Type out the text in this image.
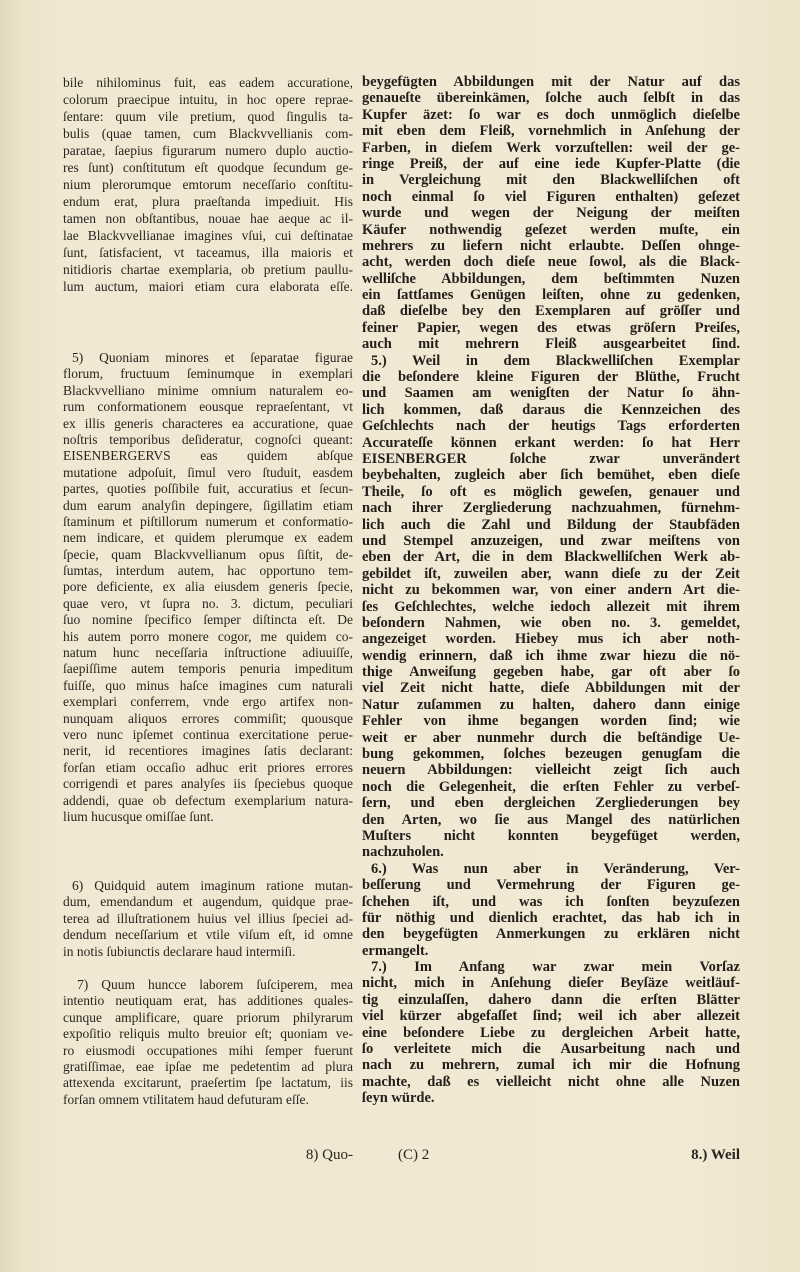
bile nihilominus fuit, eas eadem accuratione,
colorum praecipue intuitu, in hoc opere reprae-
ſentare: quum vile pretium, quod ſingulis ta-
bulis (quae tamen, cum Blackvvellianis com-
paratae, ſaepius figurarum numero duplo auctio-
res ſunt) conſtitutum eſt quodque ſecundum ge-
nium plerorumque emtorum neceſſario conſtitu-
endum erat, plura praeſtanda impediuit. His
tamen non obſtantibus, nouae hae aeque ac il-
lae Blackvvellianae imagines vſui, cui deſtinatae
ſunt, ſatisfacient, vt taceamus, illa maioris et
nitidioris chartae exemplaria, ob pretium paullu-
lum auctum, maiori etiam cura elaborata eſſe.
5) Quoniam minores et ſeparatae figurae
florum, fructuum ſeminumque in exemplari
Blackvvelliano minime omnium naturalem eo-
rum conformationem eousque repraeſentant, vt
ex illis generis characteres ea accuratione, quae
noſtris temporibus deſideratur, cognoſci queant:
EISENBERGERVS eas quidem abſque
mutatione adpoſuit, ſimul vero ſtuduit, easdem
partes, quoties poſſibile fuit, accuratius et ſecun-
dum earum analyſin depingere, ſigillatim etiam
ſtaminum et piſtillorum numerum et conformatio-
nem indicare, et quidem plerumque ex eadem
ſpecie, quam Blackvvellianum opus ſiſtit, de-
ſumtas, interdum autem, hac opportuno tem-
pore deficiente, ex alia eiusdem generis ſpecie,
quae vero, vt ſupra no. 3. dictum, peculiari
ſuo nomine ſpecifico ſemper diſtincta eſt. De
his autem porro monere cogor, me quidem co-
natum hunc neceſſaria inſtructione adiuuiſſe,
ſaepiſſime autem temporis penuria impeditum
fuiſſe, quo minus haſce imagines cum naturali
exemplari conferrem, vnde ergo artifex non-
nunquam aliquos errores commiſit; quousque
vero nunc ipſemet continua exercitatione perue-
nerit, id recentiores imagines ſatis declarant:
forſan etiam occaſio adhuc erit priores errores
corrigendi et pares analyſes iis ſpeciebus quoque
addendi, quae ob defectum exemplarium natura-
lium hucusque omiſſae ſunt.
6) Quidquid autem imaginum ratione mutan-
dum, emendandum et augendum, quidque prae-
terea ad illuſtrationem huius vel illius ſpeciei ad-
dendum neceſſarium et vtile viſum eſt, id omne
in notis ſubiunctis declarare haud intermiſi.
7) Quum huncce laborem ſuſciperem, mea
intentio neutiquam erat, has additiones quales-
cunque amplificare, quare priorum philyrarum
expoſitio reliquis multo breuior eſt; quoniam ve-
ro eiusmodi occupationes mihi ſemper fuerunt
gratiſſimae, eae ipſae me pedetentim ad plura
attexenda excitarunt, praeſertim ſpe lactatum, iis
forſan omnem vtilitatem haud defuturam eſſe.
beygefügten Abbildungen mit der Natur auf das
genaueſte übereinkämen, ſolche auch ſelbſt in das
Kupfer äzet: ſo war es doch unmöglich dieſelbe
mit eben dem Fleiß, vornehmlich in Anſehung der
Farben, in dieſem Werk vorzuſtellen: weil der ge-
ringe Preiß, der auf eine iede Kupfer-Platte (die
in Vergleichung mit den Blackwelliſchen oft
noch einmal ſo viel Figuren enthalten) geſezet
wurde und wegen der Neigung der meiſten
Käufer nothwendig geſezet werden muſte, ein
mehrers zu liefern nicht erlaubte. Deſſen ohnge-
acht, werden doch dieſe neue ſowol, als die Black-
welliſche Abbildungen, dem beſtimmten Nuzen
ein ſattſames Genügen leiſten, ohne zu gedenken,
daß dieſelbe bey den Exemplaren auf gröſſer und
feiner Papier, wegen des etwas gröſern Preiſes,
auch mit mehrern Fleiß ausgearbeitet ſind.
5.) Weil in dem Blackwelliſchen Exemplar
die beſondere kleine Figuren der Blüthe, Frucht
und Saamen am wenigſten der Natur ſo ähn-
lich kommen, daß daraus die Kennzeichen des
Geſchlechts nach der heutigs Tags erforderten
Accurateſſe können erkant werden: ſo hat Herr
EISENBERGER ſolche zwar unverändert
beybehalten, zugleich aber ſich bemühet, eben dieſe
Theile, ſo oft es möglich geweſen, genauer und
nach ihrer Zergliederung nachzuahmen, fürnehm-
lich auch die Zahl und Bildung der Staubfäden
und Stempel anzuzeigen, und zwar meiſtens von
eben der Art, die in dem Blackwelliſchen Werk ab-
gebildet iſt, zuweilen aber, wann dieſe zu der Zeit
nicht zu bekommen war, von einer andern Art die-
ſes Geſchlechtes, welche iedoch allezeit mit ihrem
beſondern Nahmen, wie oben no. 3. gemeldet,
angezeiget worden. Hiebey mus ich aber noth-
wendig erinnern, daß ich ihme zwar hiezu die nö-
thige Anweiſung gegeben habe, gar oft aber ſo
viel Zeit nicht hatte, dieſe Abbildungen mit der
Natur zuſammen zu halten, dahero dann einige
Fehler von ihme begangen worden ſind; wie
weit er aber nunmehr durch die beſtändige Ue-
bung gekommen, ſolches bezeugen genugſam die
neuern Abbildungen: vielleicht zeigt ſich auch
noch die Gelegenheit, die erſten Fehler zu verbeſ-
ſern, und eben dergleichen Zergliederungen bey
den Arten, wo ſie aus Mangel des natürlichen
Muſters nicht konnten beygefüget werden,
nachzuholen.
6.) Was nun aber in Veränderung, Ver-
beſſerung und Vermehrung der Figuren ge-
ſchehen iſt, und was ich ſonſten beyzuſezen
für nöthig und dienlich erachtet, das hab ich in
den beygefügten Anmerkungen zu erklären nicht
ermangelt.
7.) Im Anfang war zwar mein Vorſaz
nicht, mich in Anſehung dieſer Beyſäze weitläuf-
tig einzulaſſen, dahero dann die erſten Blätter
viel kürzer abgefaſſet ſind; weil ich aber allezeit
eine beſondere Liebe zu dergleichen Arbeit hatte,
ſo verleitete mich die Ausarbeitung nach und
nach zu mehrern, zumal ich mir die Hofnung
machte, daß es vielleicht nicht ohne alle Nuzen
ſeyn würde.
8) Quo-	(C) 2	8.) Weil
